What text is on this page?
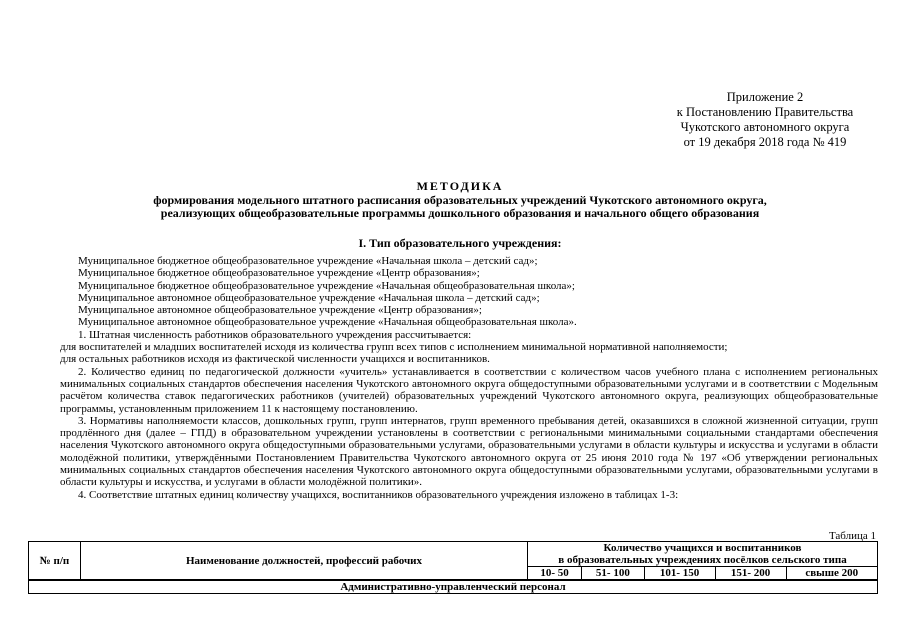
Приложение 2
к Постановлению Правительства
Чукотского автономного округа
от 19 декабря 2018 года № 419
МЕТОДИКА
формирования модельного штатного расписания образовательных учреждений Чукотского автономного округа,
реализующих общеобразовательные программы дошкольного образования и начального общего образования
I. Тип образовательного учреждения:
Муниципальное бюджетное общеобразовательное учреждение «Начальная школа – детский сад»;
Муниципальное бюджетное общеобразовательное учреждение «Центр образования»;
Муниципальное бюджетное общеобразовательное учреждение «Начальная общеобразовательная школа»;
Муниципальное автономное общеобразовательное учреждение «Начальная школа – детский сад»;
Муниципальное автономное общеобразовательное учреждение «Центр образования»;
Муниципальное автономное общеобразовательное учреждение «Начальная общеобразовательная школа».
1. Штатная численность работников образовательного учреждения рассчитывается:
для воспитателей и младших воспитателей исходя из количества групп всех типов с исполнением минимальной нормативной наполняемости;
для остальных работников исходя из фактической численности учащихся и воспитанников.
2. Количество единиц по педагогической должности «учитель» устанавливается в соответствии с количеством часов учебного плана с исполнением региональных минимальных социальных стандартов обеспечения населения Чукотского автономного округа общедоступными образовательными услугами и в соответствии с Модельным расчётом количества ставок педагогических работников (учителей) образовательных учреждений Чукотского автономного округа, реализующих общеобразовательные программы, установленным приложением 11 к настоящему постановлению.
3. Нормативы наполняемости классов, дошкольных групп, групп интернатов, групп временного пребывания детей, оказавшихся в сложной жизненной ситуации, групп продлённого дня (далее – ГПД) в образовательном учреждении установлены в соответствии с региональными минимальными социальными стандартами обеспечения населения Чукотского автономного округа общедоступными образовательными услугами, образовательными услугами в области культуры и искусства и услугами в области молодёжной политики, утверждёнными Постановлением Правительства Чукотского автономного округа от 25 июня 2010 года № 197 «Об утверждении региональных минимальных социальных стандартов обеспечения населения Чукотского автономного округа общедоступными образовательными услугами, образовательными услугами в области культуры и искусства, и услугами в области молодёжной политики».
4. Соответствие штатных единиц количеству учащихся, воспитанников образовательного учреждения изложено в таблицах 1-3:
Таблица 1
№ п/п	Наименование должностей, профессий рабочих	Количество учащихся и воспитанников				
		в образовательных учреждениях посёлков сельского типа				
		10- 50	51- 100	101- 150	151- 200	свыше 200
Административно-управленческий персонал						
